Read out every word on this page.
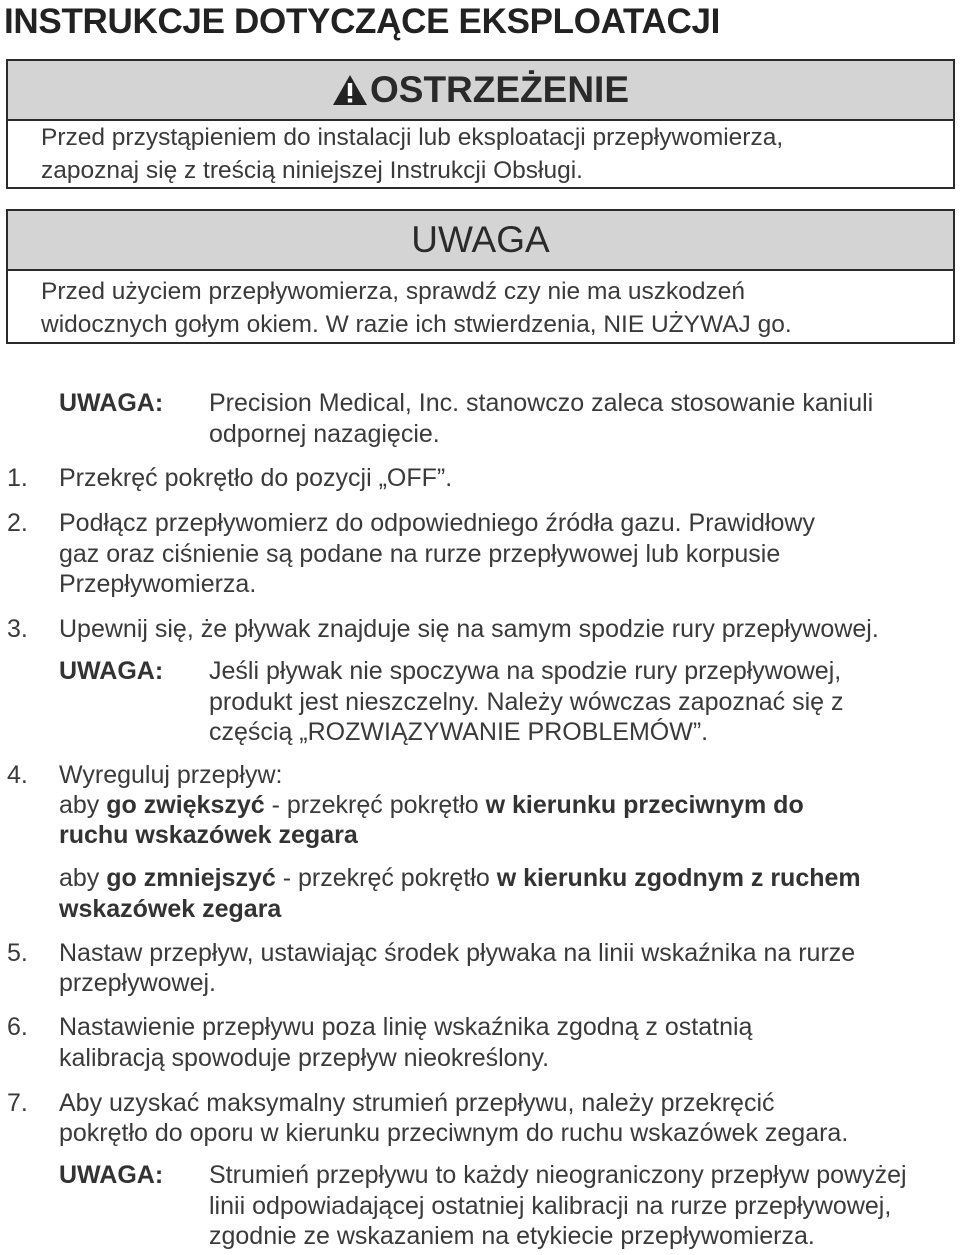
INSTRUKCJE DOTYCZĄCE EKSPLOATACJI
OSTRZEŻENIE
Przed przystąpieniem do instalacji lub eksploatacji przepływomierza,
zapoznaj się z treścią niniejszej Instrukcji Obsługi.
UWAGA
Przed użyciem przepływomierza, sprawdź czy nie ma uszkodzeń
widocznych gołym okiem. W razie ich stwierdzenia, NIE UŻYWAJ go.
UWAGA: Precision Medical, Inc. stanowczo zaleca stosowanie kaniuli
odpornej nazagięcie.
1. Przekręć pokrętło do pozycji „OFF”.
2. Podłącz przepływomierz do odpowiedniego źródła gazu. Prawidłowy
gaz oraz ciśnienie są podane na rurze przepływowej lub korpusie
Przepływomierza.
3. Upewnij się, że pływak znajduje się na samym spodzie rury przepływowej.
UWAGA: Jeśli pływak nie spoczywa na spodzie rury przepływowej,
produkt jest nieszczelny. Należy wówczas zapoznać się z
częścią „ROZWIĄZYWANIE PROBLEMÓW”.
4. Wyreguluj przepływ:
aby go zwiększyć - przekręć pokrętło w kierunku przeciwnym do
ruchu wskazówek zegara
aby go zmniejszyć - przekręć pokrętło w kierunku zgodnym z ruchem
wskazówek zegara
5. Nastaw przepływ, ustawiając środek pływaka na linii wskaźnika na rurze
przepływowej.
6. Nastawienie przepływu poza linię wskaźnika zgodną z ostatnią
kalibracją spowoduje przepływ nieokreślony.
7. Aby uzyskać maksymalny strumień przepływu, należy przekręcić
pokrętło do oporu w kierunku przeciwnym do ruchu wskazówek zegara.
UWAGA: Strumień przepływu to każdy nieograniczony przepływ powyżej
linii odpowiadającej ostatniej kalibracji na rurze przepływowej,
zgodnie ze wskazaniem na etykiecie przepływomierza.
